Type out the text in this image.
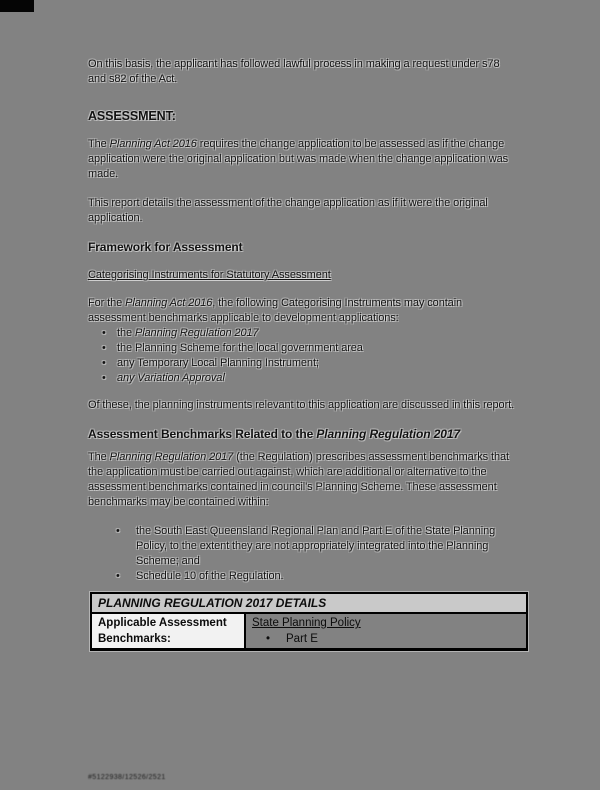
On this basis, the applicant has followed lawful process in making a request under s78 and s82 of the Act.

ASSESSMENT:

The Planning Act 2016 requires the change application to be assessed as if the change application were the original application but was made when the change application was made.

This report details the assessment of the change application as if it were the original application.

Framework for Assessment
Categorising Instruments for Statutory Assessment

For the Planning Act 2016, the following Categorising Instruments may contain assessment benchmarks applicable to development applications:

• the Planning Regulation 2017
• the Planning Scheme for the local government area
• any Temporary Local Planning Instrument;
• any Variation Approval

Of these, the planning instruments relevant to this application are discussed in this report.

Assessment Benchmarks Related to the Planning Regulation 2017

The Planning Regulation 2017 (the Regulation) prescribes assessment benchmarks that the application must be carried out against, which are additional or alternative to the assessment benchmarks contained in council's Planning Scheme. These assessment benchmarks may be contained within:

• the South East Queensland Regional Plan and Part E of the State Planning Policy, to the extent they are not appropriately integrated into the Planning Scheme; and
• Schedule 10 of the Regulation.
PLANNING REGULATION 2017 DETAILS
Applicable Assessment Benchmarks:	
State Planning Policy
• Part E
#5122938/12526/2521
